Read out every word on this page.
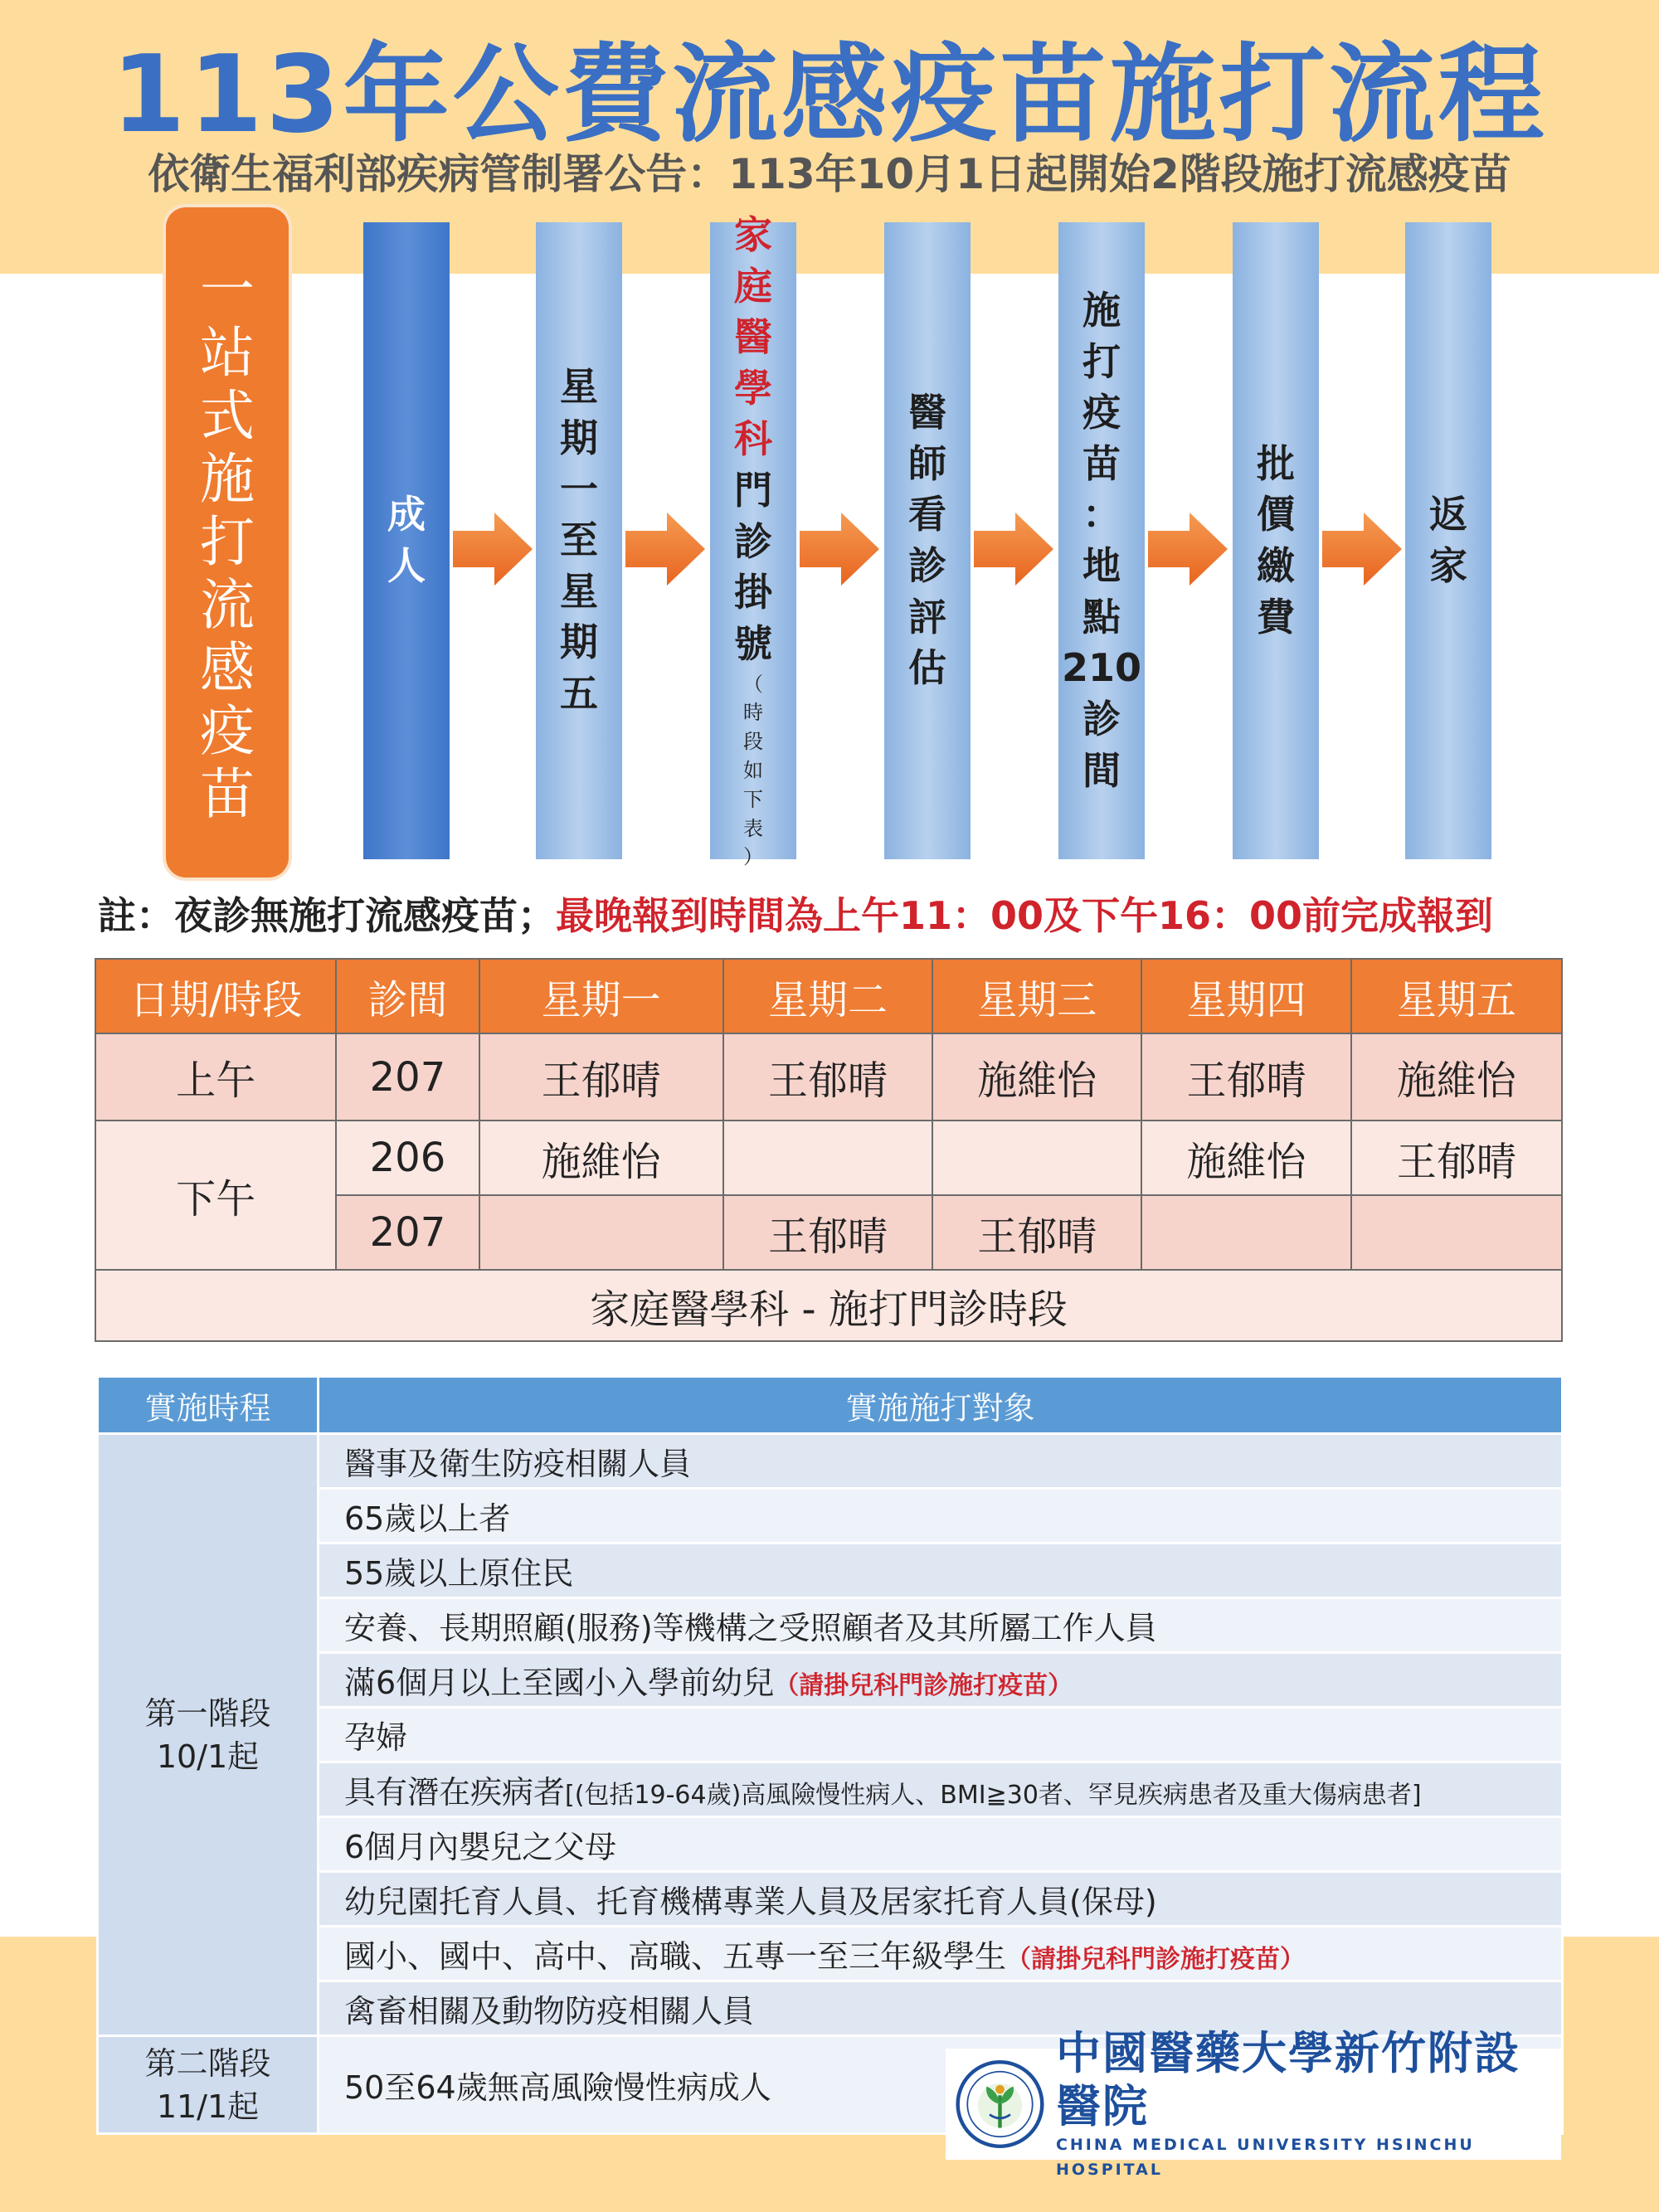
113年公費流感疫苗施打流程
依衛生福利部疾病管制署公告：113年10月1日起開始2階段施打流感疫苗
一
站
式
施
打
流
感
疫
苗
成
人
星
期
一
至
星
期
五
家
庭
醫
學
科
門
診
掛
號
（
時
段
如
下
表
）
醫
師
看
診
評
估
施
打
疫
苗
：
地
點
210
診
間
批
價
繳
費
返
家
註：夜診無施打流感疫苗；最晚報到時間為上午11：00及下午16：00前完成報到
日期/時段	診間	星期一	星期二	星期三	星期四	星期五
上午	207	王郁晴	王郁晴	施維怡	王郁晴	施維怡
下午	206	施維怡			施維怡	王郁晴
	207		王郁晴	王郁晴		
家庭醫學科 - 施打門診時段						
實施時程	實施施打對象

第一階段
10/1起	醫事及衛生防疫相關人員
	65歲以上者
	55歲以上原住民
	安養、長期照顧(服務)等機構之受照顧者及其所屬工作人員
	滿6個月以上至國小入學前幼兒（請掛兒科門診施打疫苗）
	孕婦
	具有潛在疾病者[(包括19-64歲)高風險慢性病人、BMI≧30者、罕見疾病患者及重大傷病患者]
	6個月內嬰兒之父母
	幼兒園托育人員、托育機構專業人員及居家托育人員(保母)
	國小、國中、高中、高職、五專一至三年級學生（請掛兒科門診施打疫苗）
	禽畜相關及動物防疫相關人員

第二階段
11/1起	50至64歲無高風險慢性病成人
中國醫藥大學新竹附設醫院
CHINA MEDICAL UNIVERSITY HSINCHU HOSPITAL
